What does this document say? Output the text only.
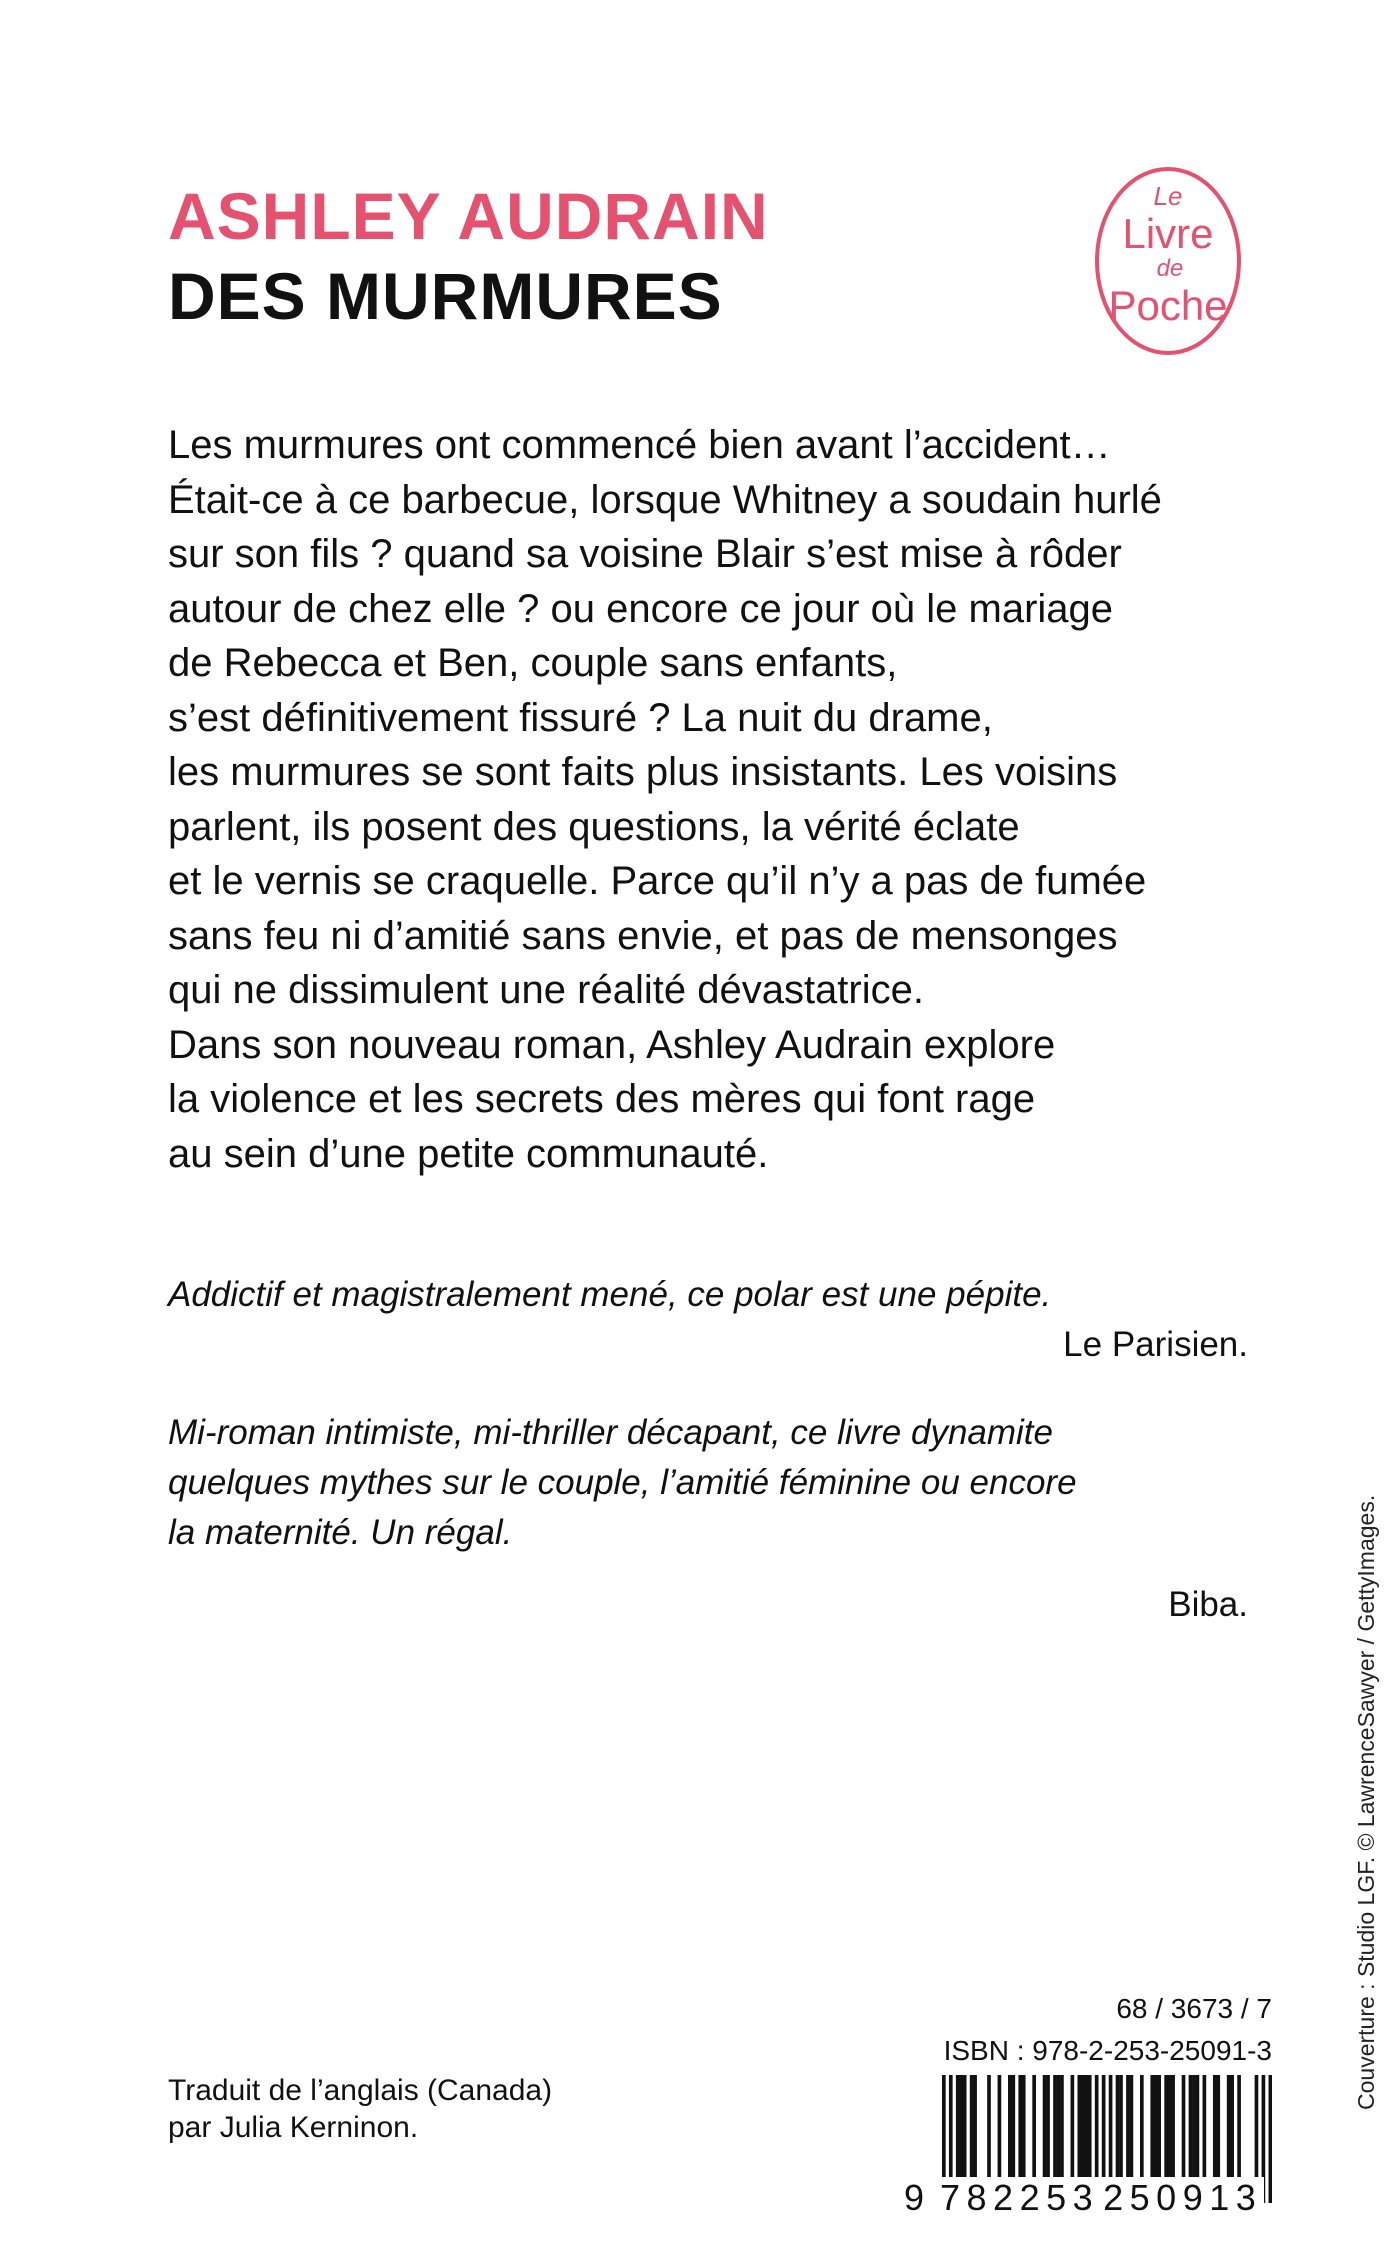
ASHLEY AUDRAIN
DES MURMURES
Le
Livre
de
Poche
Les murmures ont commencé bien avant l’accident…
Était-ce à ce barbecue, lorsque Whitney a soudain hurlé
sur son fils ? quand sa voisine Blair s’est mise à rôder
autour de chez elle ? ou encore ce jour où le mariage
de Rebecca et Ben, couple sans enfants,
s’est définitivement fissuré ? La nuit du drame,
les murmures se sont faits plus insistants. Les voisins
parlent, ils posent des questions, la vérité éclate
et le vernis se craquelle. Parce qu’il n’y a pas de fumée
sans feu ni d’amitié sans envie, et pas de mensonges
qui ne dissimulent une réalité dévastatrice.
Dans son nouveau roman, Ashley Audrain explore
la violence et les secrets des mères qui font rage
au sein d’une petite communauté.
Addictif et magistralement mené, ce polar est une pépite.
Le Parisien.
Mi-roman intimiste, mi-thriller décapant, ce livre dynamite
quelques mythes sur le couple, l’amitié féminine ou encore
la maternité. Un régal.
Biba.
Traduit de l’anglais (Canada)
par Julia Kerninon.
68 / 3673 / 7
ISBN : 978-2-253-25091-3
9 782253 250913
Couverture : Studio LGF. © LawrenceSawyer / GettyImages.
